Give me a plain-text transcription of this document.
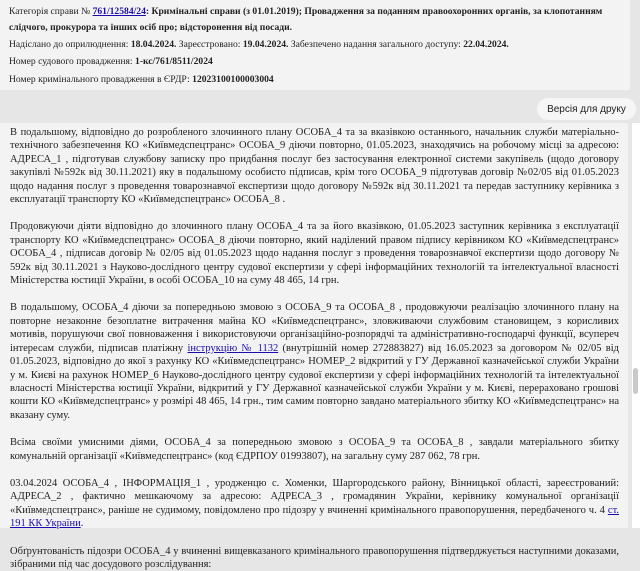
Категорія справи № 761/12584/24: Кримінальні справи (з 01.01.2019); Провадження за поданням правоохоронних органів, за клопотанням слідчого, прокурора та інших осіб про; відсторонення від посади.
Надіслано до оприлюднення: 18.04.2024. Зареєстровано: 19.04.2024. Забезпечено надання загального доступу: 22.04.2024.
Номер судового провадження: 1-кс/761/8511/2024
Номер кримінального провадження в ЄРДР: 12023100100003004
Версія для друку

В подальшому, відповідно до розробленого злочинного плану ОСОБА_4 та за вказівкою останнього, начальник служби матеріально-технічного забезпечення КО «Київмедспецтранс» ОСОБА_9 діючи повторно, 01.05.2023, знаходячись на робочому місці за адресою: АДРЕСА_1 , підготував службову записку про придбання послуг без застосування електронної системи закупівель (щодо договору закупівлі №592к від 30.11.2021) яку в подальшому особисто підписав, крім того ОСОБА_9 підготував договір №02/05 від 01.05.2023 щодо надання послуг з проведення товарознавчої експертизи щодо договору №592к від 30.11.2021 та передав заступнику керівника з експлуатації транспорту КО «Київмедспецтранс» ОСОБА_8 .

Продовжуючи діяти відповідно до злочинного плану ОСОБА_4 та за його вказівкою, 01.05.2023 заступник керівника з експлуатації транспорту КО «Київмедспецтранс» ОСОБА_8 діючи повторно, який наділений правом підпису керівником КО «Київмедспецтранс» ОСОБА_4 , підписав договір № 02/05 від 01.05.2023 щодо надання послуг з проведення товарознавчої експертизи щодо договору № 592к від 30.11.2021 з Науково-дослідного центру судової експертизи у сфері інформаційних технологій та інтелектуальної власності Міністерства юстиції України, в особі ОСОБА_10 на суму 48 465, 14 грн.

В подальшому, ОСОБА_4 діючи за попередньою змовою з ОСОБА_9 та ОСОБА_8 , продовжуючи реалізацію злочинного плану на повторне незаконне безоплатне витрачення майна КО «Київмедспецтранс», зловживаючи службовим становищем, з корисливих мотивів, порушуючи свої повноваження і використовуючи організаційно-розпорядчі та адміністративно-господарчі функції, всупереч інтересам служби, підписав платіжну інструкцію № 1132 (внутрішній номер 272883827) від 16.05.2023 за договором № 02/05 від 01.05.2023, відповідно до якої з рахунку КО «Київмедспецтранс» НОМЕР_2 відкритий у ГУ Державної казначейської служби України у м. Києві на рахунок НОМЕР_6 Науково-дослідного центру судової експертизи у сфері інформаційних технологій та інтелектуальної власності Міністерства юстиції України, відкритий у ГУ Державної казначейської служби України у м. Києві, перераховано грошові кошти КО «Київмедспецтранс» у розмірі 48 465, 14 грн., тим самим повторно завдано матеріального збитку КО «Київмедспецтранс» на вказану суму.

Всіма своїми умисними діями, ОСОБА_4 за попередньою змовою з ОСОБА_9 та ОСОБА_8 , завдали матеріального збитку комунальній організації «Київмедспецтранс» (код ЄДРПОУ 01993807), на загальну суму 287 062, 78 грн.

03.04.2024 ОСОБА_4 , ІНФОРМАЦІЯ_1 , уродженцю с. Хоменки, Шаргородського району, Вінницької області, зареєстрований: АДРЕСА_2 , фактично мешкаючому за адресою: АДРЕСА_3 , громадянин України, керівнику комунальної організації «Київмедспецтранс», раніше не судимому, повідомлено про підозру у вчиненні кримінального правопорушення, передбаченого ч. 4 ст. 191 КК України.

Обґрунтованість підозри ОСОБА_4 у вчиненні вищевказаного кримінального правопорушення підтверджується наступними доказами, зібраними під час досудового розслідування:
